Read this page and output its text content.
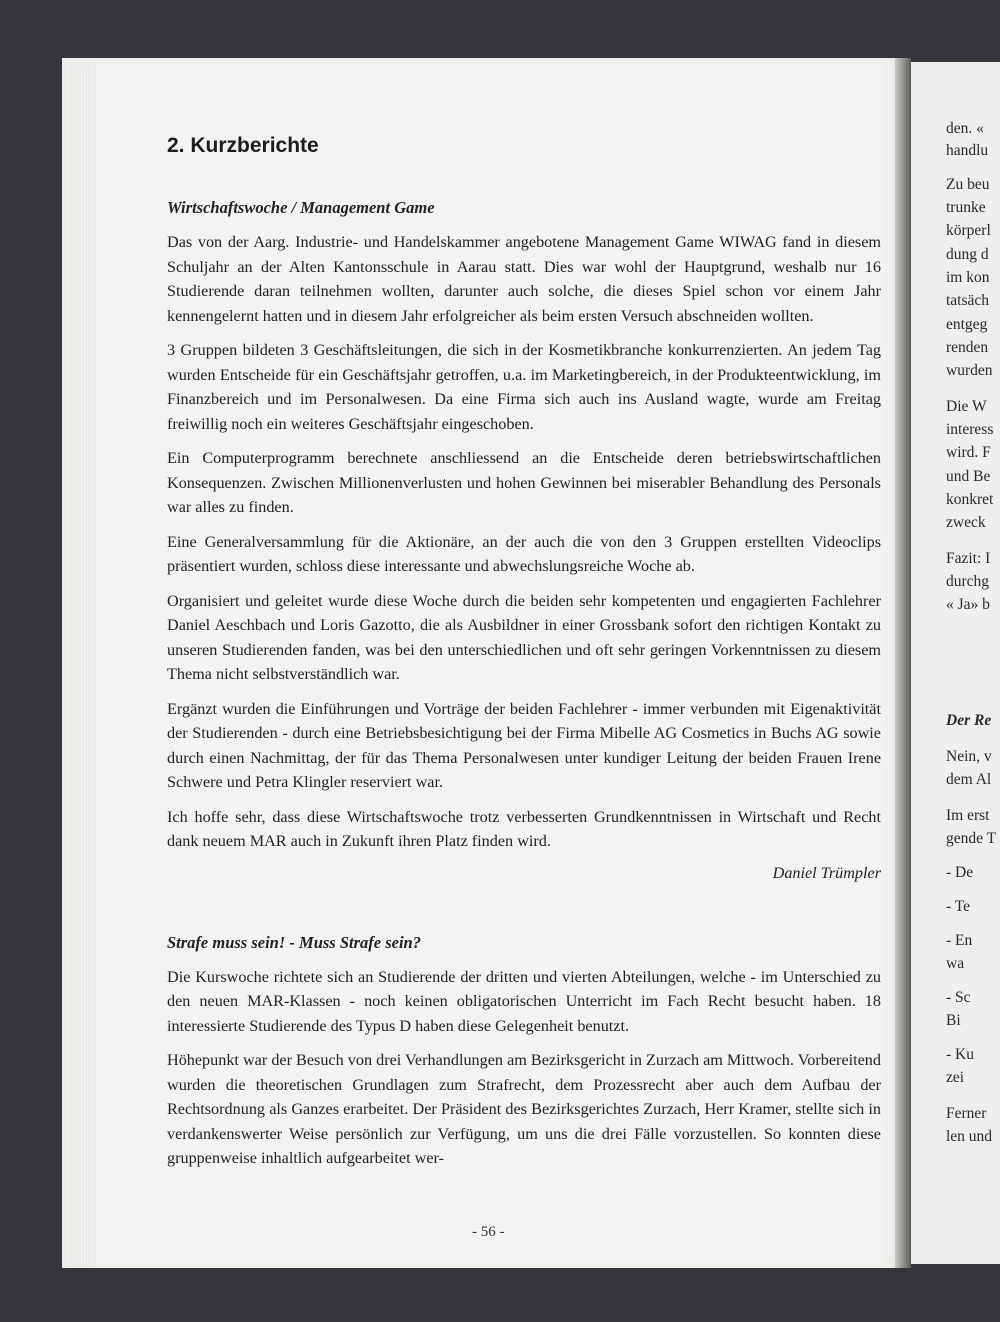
den. «
handlu
Zu beu
trunke
körperl
dung d
im kon
tatsäch
entgeg
renden
wurden
Die W
interess
wird. F
und Be
konkret
zweck
Fazit: I
durchg
« Ja» b
Der Re
Nein, v
dem Al
Im erst
gende T
- De
- Te
- En
wa
- Sc
Bi
- Ku
zei
Ferner
len und
2. Kurzberichte
Wirtschaftswoche / Management Game

Das von der Aarg. Industrie- und Handelskammer angebotene Management Game WIWAG fand in diesem Schuljahr an der Alten Kantonsschule in Aarau statt. Dies war wohl der Hauptgrund, weshalb nur 16 Studierende daran teilnehmen wollten, darunter auch solche, die dieses Spiel schon vor einem Jahr kennengelernt hatten und in diesem Jahr erfolgreicher als beim ersten Versuch abschneiden wollten.

3 Gruppen bildeten 3 Geschäftsleitungen, die sich in der Kosmetikbranche konkurrenzierten. An jedem Tag wurden Entscheide für ein Geschäftsjahr getroffen, u.a. im Marketingbereich, in der Produkteentwicklung, im Finanzbereich und im Personalwesen. Da eine Firma sich auch ins Ausland wagte, wurde am Freitag freiwillig noch ein weiteres Geschäftsjahr eingeschoben.

Ein Computerprogramm berechnete anschliessend an die Entscheide deren betriebswirtschaftlichen Konsequenzen. Zwischen Millionenverlusten und hohen Gewinnen bei miserabler Behandlung des Personals war alles zu finden.

Eine Generalversammlung für die Aktionäre, an der auch die von den 3 Gruppen erstellten Videoclips präsentiert wurden, schloss diese interessante und abwechslungsreiche Woche ab.

Organisiert und geleitet wurde diese Woche durch die beiden sehr kompetenten und engagierten Fachlehrer Daniel Aeschbach und Loris Gazotto, die als Ausbildner in einer Grossbank sofort den richtigen Kontakt zu unseren Studierenden fanden, was bei den unterschiedlichen und oft sehr geringen Vorkenntnissen zu diesem Thema nicht selbstverständlich war.

Ergänzt wurden die Einführungen und Vorträge der beiden Fachlehrer - immer verbunden mit Eigenaktivität der Studierenden - durch eine Betriebsbesichtigung bei der Firma Mibelle AG Cosmetics in Buchs AG sowie durch einen Nachmittag, der für das Thema Personalwesen unter kundiger Leitung der beiden Frauen Irene Schwere und Petra Klingler reserviert war.

Ich hoffe sehr, dass diese Wirtschaftswoche trotz verbesserten Grundkenntnissen in Wirtschaft und Recht dank neuem MAR auch in Zukunft ihren Platz finden wird.

Daniel Trümpler

Strafe muss sein! - Muss Strafe sein?

Die Kurswoche richtete sich an Studierende der dritten und vierten Abteilungen, welche - im Unterschied zu den neuen MAR-Klassen - noch keinen obligatorischen Unterricht im Fach Recht besucht haben. 18 interessierte Studierende des Typus D haben diese Gelegenheit benutzt.

Höhepunkt war der Besuch von drei Verhandlungen am Bezirksgericht in Zurzach am Mittwoch. Vorbereitend wurden die theoretischen Grundlagen zum Strafrecht, dem Prozessrecht aber auch dem Aufbau der Rechtsordnung als Ganzes erarbeitet. Der Präsident des Bezirksgerichtes Zurzach, Herr Kramer, stellte sich in verdankenswerter Weise persönlich zur Verfügung, um uns die drei Fälle vorzustellen. So konnten diese gruppenweise inhaltlich aufgearbeitet wer-

- 56 -
